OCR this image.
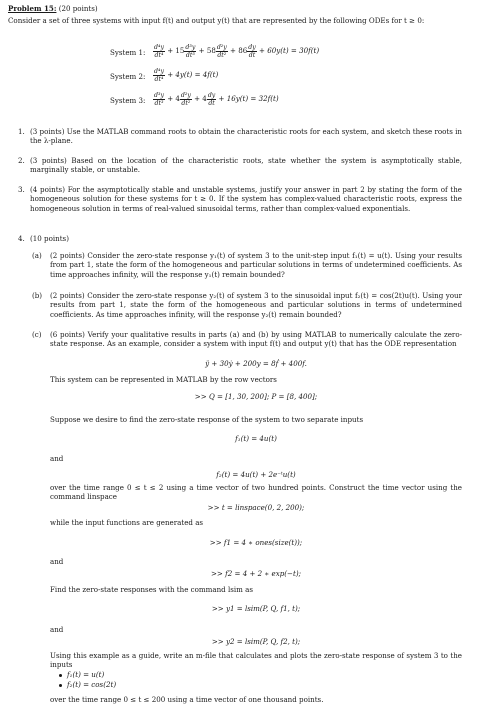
Problem 15: (20 points)
Consider a set of three systems with input f(t) and output y(t) that are represented by the following ODEs for t ≥ 0:
System 1: $\frac{\text{d⁴y}}{\text{dt⁴}} + 15 \frac{\text{d³y}}{\text{dt³}} + 58 \frac{\text{d²y}}{\text{dt²}} + 86 \frac{dy}{dt} + 60y(t) = 30f(t)$
System 2: $\frac{\text{d⁴y}}{\text{dt⁴}} + 4y(t) = 4f(t)$
System 3: $\frac{\text{d³y}}{\text{dt³}} + 4 \frac{\text{d²y}}{\text{dt²}} + 4 \frac{dy}{dt} + 16y(t) = 32f(t)$
1. (3 points) Use the MATLAB command roots to obtain the characteristic roots for each system, and sketch these roots in the λ-plane.
2. (3 points) Based on the location of the characteristic roots, state whether the system is asymptotically stable, marginally stable, or unstable.
3. (4 points) For the asymptotically stable and unstable systems, justify your answer in part 2 by stating the form of the homogeneous solution for these systems for t ≥ 0. If the system has complex-valued characteristic roots, express the homogeneous solution in terms of real-valued sinusoidal terms, rather than complex-valued exponentials.
4. (10 points)
(a) (2 points) Consider the zero-state response y₁(t) of system 3 to the unit-step input f₁(t) = u(t). Using your results from part 1, state the form of the homogeneous and particular solutions in terms of undetermined coefficients. As time approaches infinity, will the response y₁(t) remain bounded?
(b) (2 points) Consider the zero-state response y₂(t) of system 3 to the sinusoidal input f₂(t) = cos(2t)u(t). Using your results from part 1, state the form of the homogeneous and particular solutions in terms of undetermined coefficients. As time approaches infinity, will the response y₂(t) remain bounded?
(c) (6 points) Verify your qualitative results in parts (a) and (b) by using MATLAB to numerically calculate the zero-state response. As an example, consider a system with input f(t) and output y(t) that has the ODE representation
ÿ + 30ẏ + 200y = 8ḟ + 400f.
This system can be represented in MATLAB by the row vectors
>> Q = [1, 30, 200]; P = [8, 400];
Suppose we desire to find the zero-state response of the system to two separate inputs
f₁(t) = 4u(t)
and
f₂(t) = 4u(t) + 2e⁻ᵗu(t)
over the time range 0 ≤ t ≤ 2 using a time vector of two hundred points. Construct the time vector using the command linspace
>> t = linspace(0, 2, 200);
while the input functions are generated as
>> f1 = 4 ∗ ones(size(t));
and
>> f2 = 4 + 2 ∗ exp(−t);
Find the zero-state responses with the command lsim as
>> y1 = lsim(P, Q, f1, t);
and
>> y2 = lsim(P, Q, f2, t);
Using this example as a guide, write an m-file that calculates and plots the zero-state response of system 3 to the inputs
f₁(t) = u(t)
f₂(t) = cos(2t)
over the time range 0 ≤ t ≤ 200 using a time vector of one thousand points.
